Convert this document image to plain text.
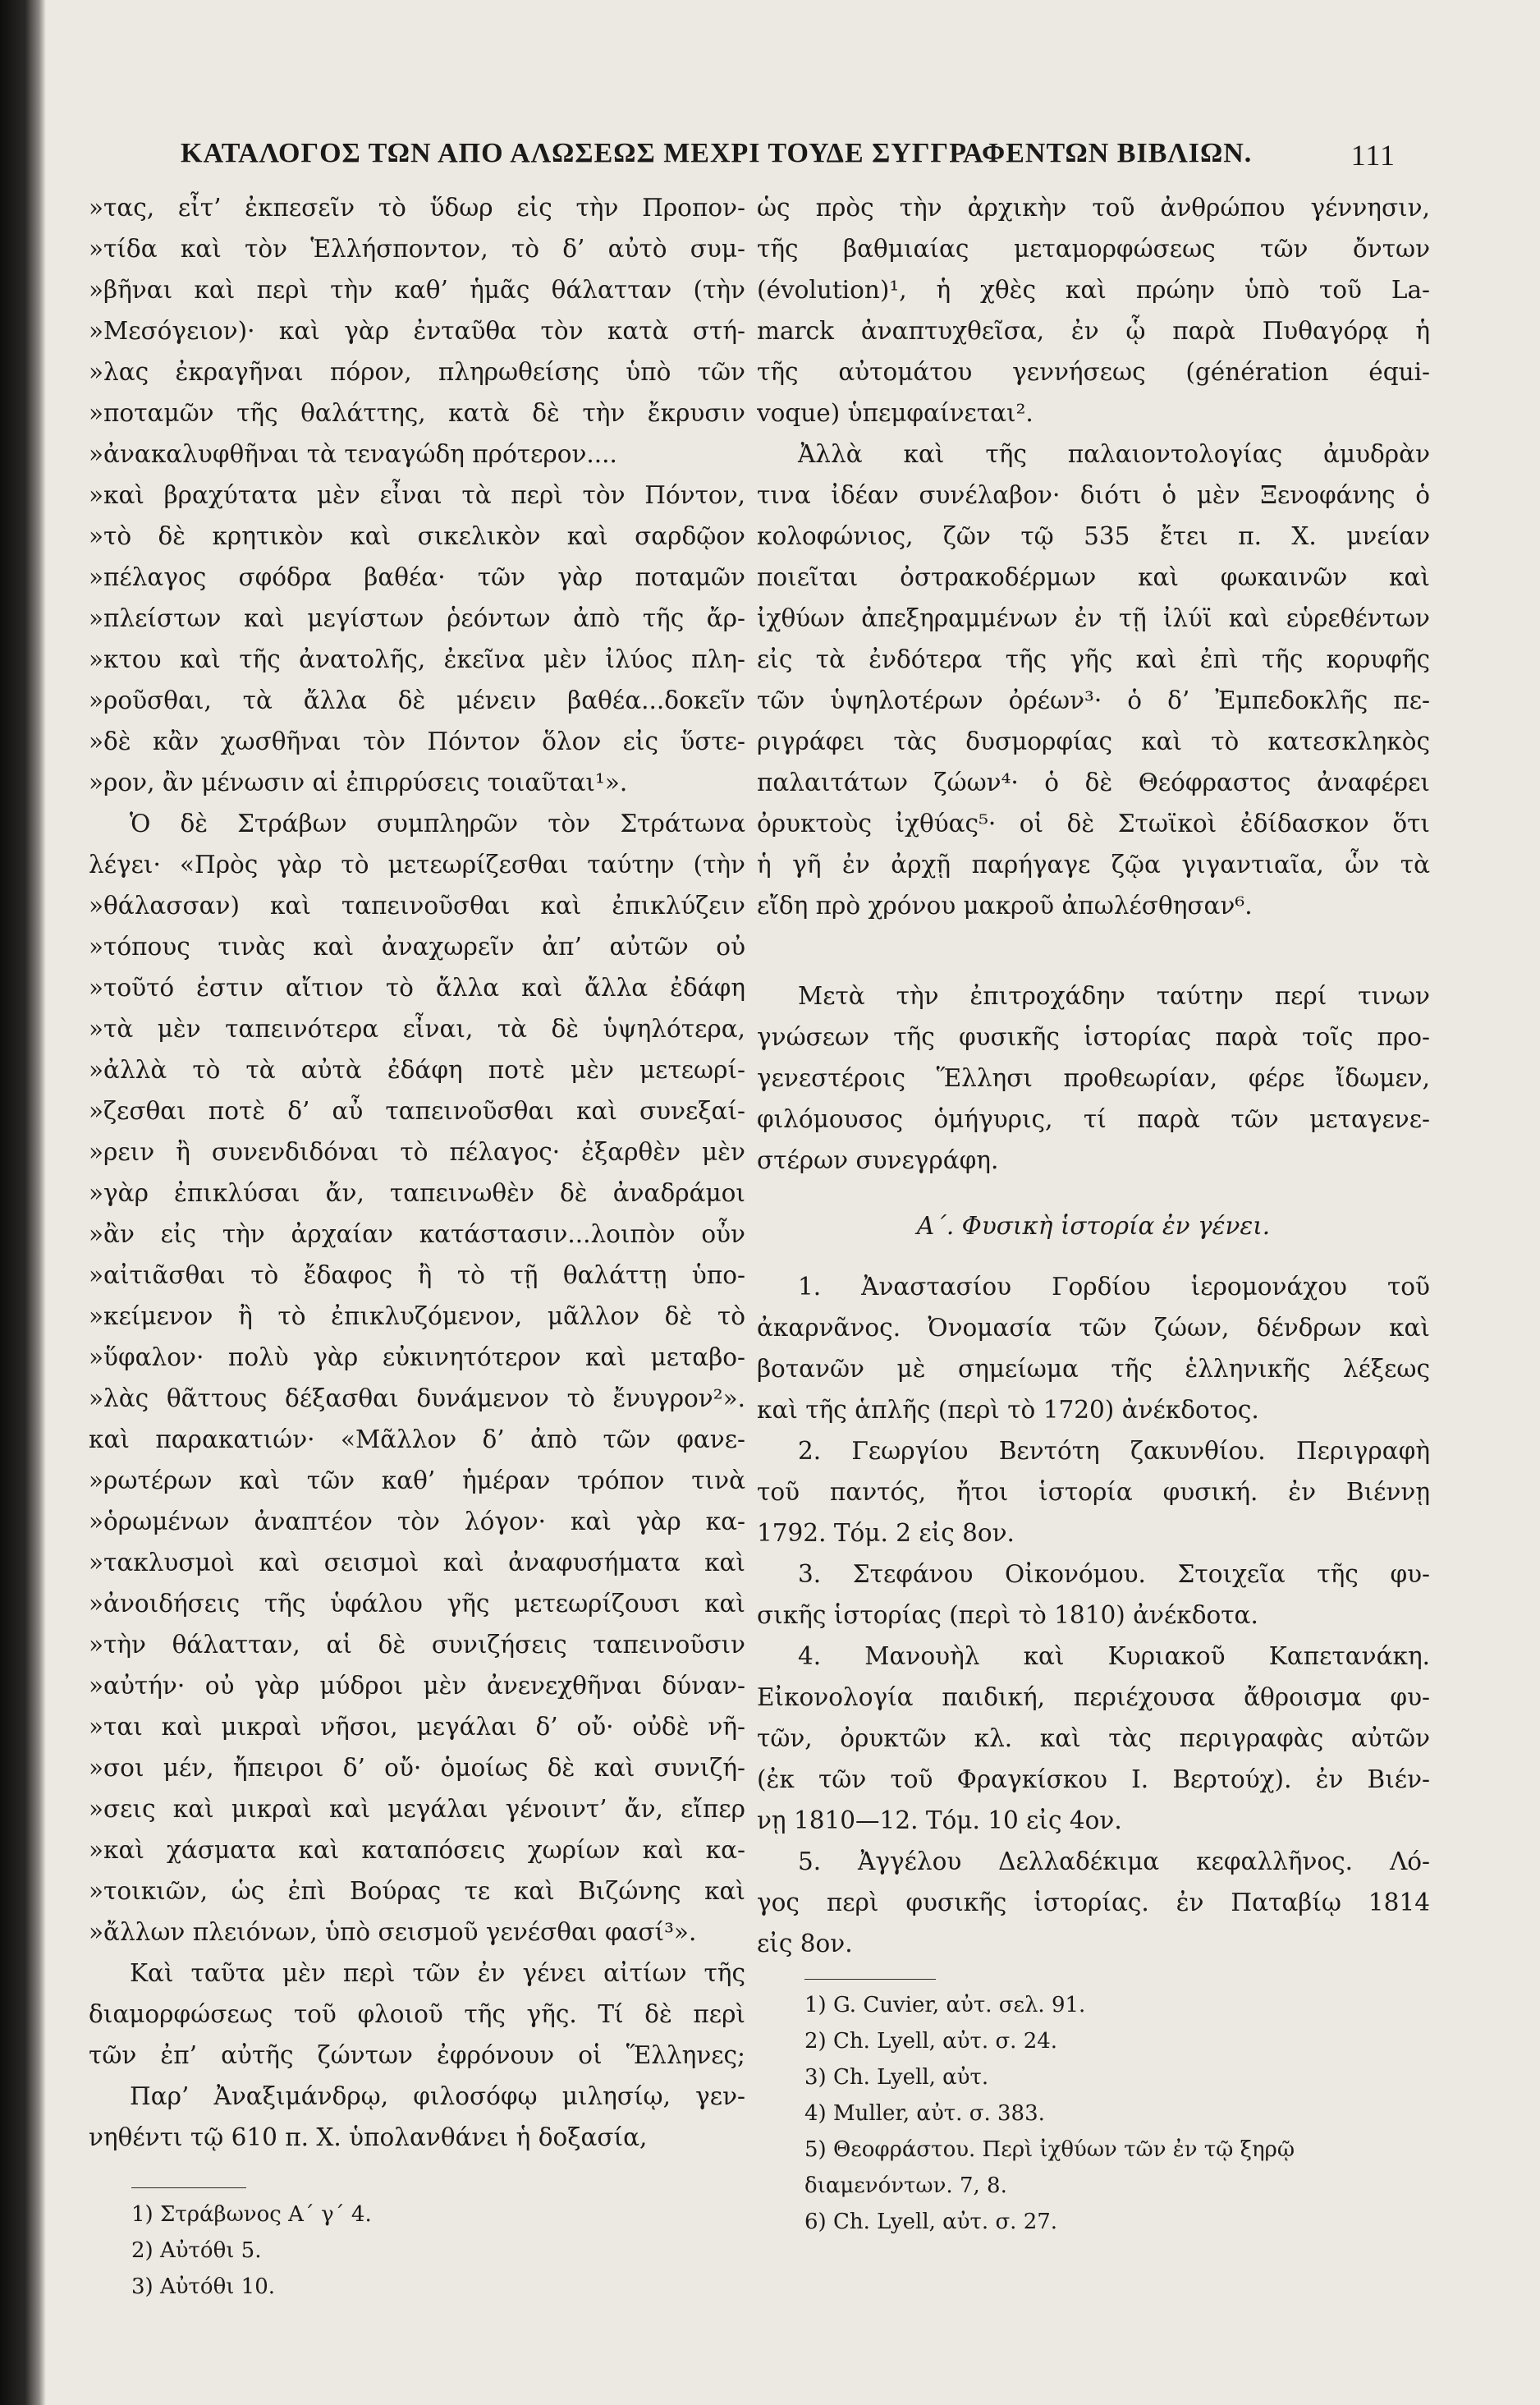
ΚΑΤΑΛΟΓΟΣ ΤΩΝ ΑΠΟ ΑΛΩΣΕΩΣ ΜΕΧΡΙ ΤΟΥΔΕ ΣΥΓΓΡΑΦΕΝΤΩΝ ΒΙΒΛΙΩΝ.	111
»τας, εἶτ’ ἐκπεσεῖν τὸ ὕδωρ εἰς τὴν Προπον-
»τίδα καὶ τὸν Ἑλλήσποντον, τὸ δ’ αὐτὸ συμ-
»βῆναι καὶ περὶ τὴν καθ’ ἡμᾶς θάλατταν (τὴν
»Μεσόγειον)· καὶ γὰρ ἐνταῦθα τὸν κατὰ στή-
»λας ἐκραγῆναι πόρον, πληρωθείσης ὑπὸ τῶν
»ποταμῶν τῆς θαλάττης, κατὰ δὲ τὴν ἔκρυσιν
»ἀνακαλυφθῆναι τὰ τεναγώδη πρότερον....
»καὶ βραχύτατα μὲν εἶναι τὰ περὶ τὸν Πόντον,
»τὸ δὲ κρητικὸν καὶ σικελικὸν καὶ σαρδῷον
»πέλαγος σφόδρα βαθέα· τῶν γὰρ ποταμῶν
»πλείστων καὶ μεγίστων ῥεόντων ἀπὸ τῆς ἄρ-
»κτου καὶ τῆς ἀνατολῆς, ἐκεῖνα μὲν ἰλύος πλη-
»ροῦσθαι, τὰ ἄλλα δὲ μένειν βαθέα...δοκεῖν
»δὲ κἂν χωσθῆναι τὸν Πόντον ὅλον εἰς ὕστε-
»ρον, ἂν μένωσιν αἱ ἐπιρρύσεις τοιαῦται¹».
Ὁ δὲ Στράβων συμπληρῶν τὸν Στράτωνα
λέγει· «Πρὸς γὰρ τὸ μετεωρίζεσθαι ταύτην (τὴν
»θάλασσαν) καὶ ταπεινοῦσθαι καὶ ἐπικλύζειν
»τόπους τινὰς καὶ ἀναχωρεῖν ἀπ’ αὐτῶν οὐ
»τοῦτό ἐστιν αἴτιον τὸ ἄλλα καὶ ἄλλα ἐδάφη
»τὰ μὲν ταπεινότερα εἶναι, τὰ δὲ ὑψηλότερα,
»ἀλλὰ τὸ τὰ αὐτὰ ἐδάφη ποτὲ μὲν μετεωρί-
»ζεσθαι ποτὲ δ’ αὖ ταπεινοῦσθαι καὶ συνεξαί-
»ρειν ἢ συνενδιδόναι τὸ πέλαγος· ἐξαρθὲν μὲν
»γὰρ ἐπικλύσαι ἄν, ταπεινωθὲν δὲ ἀναδράμοι
»ἂν εἰς τὴν ἀρχαίαν κατάστασιν...λοιπὸν οὖν
»αἰτιᾶσθαι τὸ ἔδαφος ἢ τὸ τῇ θαλάττῃ ὑπο-
»κείμενον ἢ τὸ ἐπικλυζόμενον, μᾶλλον δὲ τὸ
»ὕφαλον· πολὺ γὰρ εὐκινητότερον καὶ μεταβο-
»λὰς θᾶττους δέξασθαι δυνάμενον τὸ ἔνυγρον²».
καὶ παρακατιών· «Μᾶλλον δ’ ἀπὸ τῶν φανε-
»ρωτέρων καὶ τῶν καθ’ ἡμέραν τρόπον τινὰ
»ὁρωμένων ἀναπτέον τὸν λόγον· καὶ γὰρ κα-
»τακλυσμοὶ καὶ σεισμοὶ καὶ ἀναφυσήματα καὶ
»ἀνοιδήσεις τῆς ὑφάλου γῆς μετεωρίζουσι καὶ
»τὴν θάλατταν, αἱ δὲ συνιζήσεις ταπεινοῦσιν
»αὐτήν· οὐ γὰρ μύδροι μὲν ἀνενεχθῆναι δύναν-
»ται καὶ μικραὶ νῆσοι, μεγάλαι δ’ οὔ· οὐδὲ νῆ-
»σοι μέν, ἤπειροι δ’ οὔ· ὁμοίως δὲ καὶ συνιζή-
»σεις καὶ μικραὶ καὶ μεγάλαι γένοιντ’ ἄν, εἴπερ
»καὶ χάσματα καὶ καταπόσεις χωρίων καὶ κα-
»τοικιῶν, ὡς ἐπὶ Βούρας τε καὶ Βιζώνης καὶ
»ἄλλων πλειόνων, ὑπὸ σεισμοῦ γενέσθαι φασί³».
Καὶ ταῦτα μὲν περὶ τῶν ἐν γένει αἰτίων τῆς
διαμορφώσεως τοῦ φλοιοῦ τῆς γῆς. Τί δὲ περὶ
τῶν ἐπ’ αὐτῆς ζώντων ἐφρόνουν οἱ Ἕλληνες;
Παρ’ Ἀναξιμάνδρῳ, φιλοσόφῳ μιλησίῳ, γεν-
νηθέντι τῷ 610 π. Χ. ὑπολανθάνει ἡ δοξασία,
ὡς πρὸς τὴν ἀρχικὴν τοῦ ἀνθρώπου γέννησιν,
τῆς βαθμιαίας μεταμορφώσεως τῶν ὄντων
(évolution)¹, ἡ χθὲς καὶ πρώην ὑπὸ τοῦ La-
marck ἀναπτυχθεῖσα, ἐν ᾧ παρὰ Πυθαγόρᾳ ἡ
τῆς αὐτομάτου γεννήσεως (génération équi-
voque) ὑπεμφαίνεται².
Ἀλλὰ καὶ τῆς παλαιοντολογίας ἀμυδρὰν
τινα ἰδέαν συνέλαβον· διότι ὁ μὲν Ξενοφάνης ὁ
κολοφώνιος, ζῶν τῷ 535 ἔτει π. Χ. μνείαν
ποιεῖται ὀστρακοδέρμων καὶ φωκαινῶν καὶ
ἰχθύων ἀπεξηραμμένων ἐν τῇ ἰλύϊ καὶ εὑρεθέντων
εἰς τὰ ἐνδότερα τῆς γῆς καὶ ἐπὶ τῆς κορυφῆς
τῶν ὑψηλοτέρων ὀρέων³· ὁ δ’ Ἐμπεδοκλῆς πε-
ριγράφει τὰς δυσμορφίας καὶ τὸ κατεσκληκὸς
παλαιτάτων ζώων⁴· ὁ δὲ Θεόφραστος ἀναφέρει
ὀρυκτοὺς ἰχθύας⁵· οἱ δὲ Στωϊκοὶ ἐδίδασκον ὅτι
ἡ γῆ ἐν ἀρχῇ παρήγαγε ζῷα γιγαντιαῖα, ὧν τὰ
εἴδη πρὸ χρόνου μακροῦ ἀπωλέσθησαν⁶.
Μετὰ τὴν ἐπιτροχάδην ταύτην περί τινων
γνώσεων τῆς φυσικῆς ἱστορίας παρὰ τοῖς προ-
γενεστέροις Ἕλλησι προθεωρίαν, φέρε ἴδωμεν,
φιλόμουσος ὁμήγυρις, τί παρὰ τῶν μεταγενε-
στέρων συνεγράφη.
Α΄. Φυσικὴ ἱστορία ἐν γένει.
1. Ἀναστασίου Γορδίου ἱερομονάχου τοῦ
ἀκαρνᾶνος. Ὀνομασία τῶν ζώων, δένδρων καὶ
βοτανῶν μὲ σημείωμα τῆς ἑλληνικῆς λέξεως
καὶ τῆς ἁπλῆς (περὶ τὸ 1720) ἀνέκδοτος.
2. Γεωργίου Βεντότη ζακυνθίου. Περιγραφὴ
τοῦ παντός, ἤτοι ἱστορία φυσική. ἐν Βιέννῃ
1792. Τόμ. 2 εἰς 8ον.
3. Στεφάνου Οἰκονόμου. Στοιχεῖα τῆς φυ-
σικῆς ἱστορίας (περὶ τὸ 1810) ἀνέκδοτα.
4. Μανουὴλ καὶ Κυριακοῦ Καπετανάκη.
Εἰκονολογία παιδική, περιέχουσα ἄθροισμα φυ-
τῶν, ὀρυκτῶν κλ. καὶ τὰς περιγραφὰς αὐτῶν
(ἐκ τῶν τοῦ Φραγκίσκου Ι. Βερτούχ). ἐν Βιέν-
νῃ 1810—12. Τόμ. 10 εἰς 4ον.
5. Ἀγγέλου Δελλαδέκιμα κεφαλλῆνος. Λό-
γος περὶ φυσικῆς ἱστορίας. ἐν Παταβίῳ 1814
εἰς 8ον.
1) Στράβωνος Α΄ γ΄ 4.
2) Αὐτόθι 5.
3) Αὐτόθι 10.
1) G. Cuvier, αὐτ. σελ. 91.
2) Ch. Lyell, αὐτ. σ. 24.
3) Ch. Lyell, αὐτ.
4) Muller, αὐτ. σ. 383.
5) Θεοφράστου. Περὶ ἰχθύων τῶν ἐν τῷ ξηρῷ
διαμενόντων. 7, 8.
6) Ch. Lyell, αὐτ. σ. 27.
